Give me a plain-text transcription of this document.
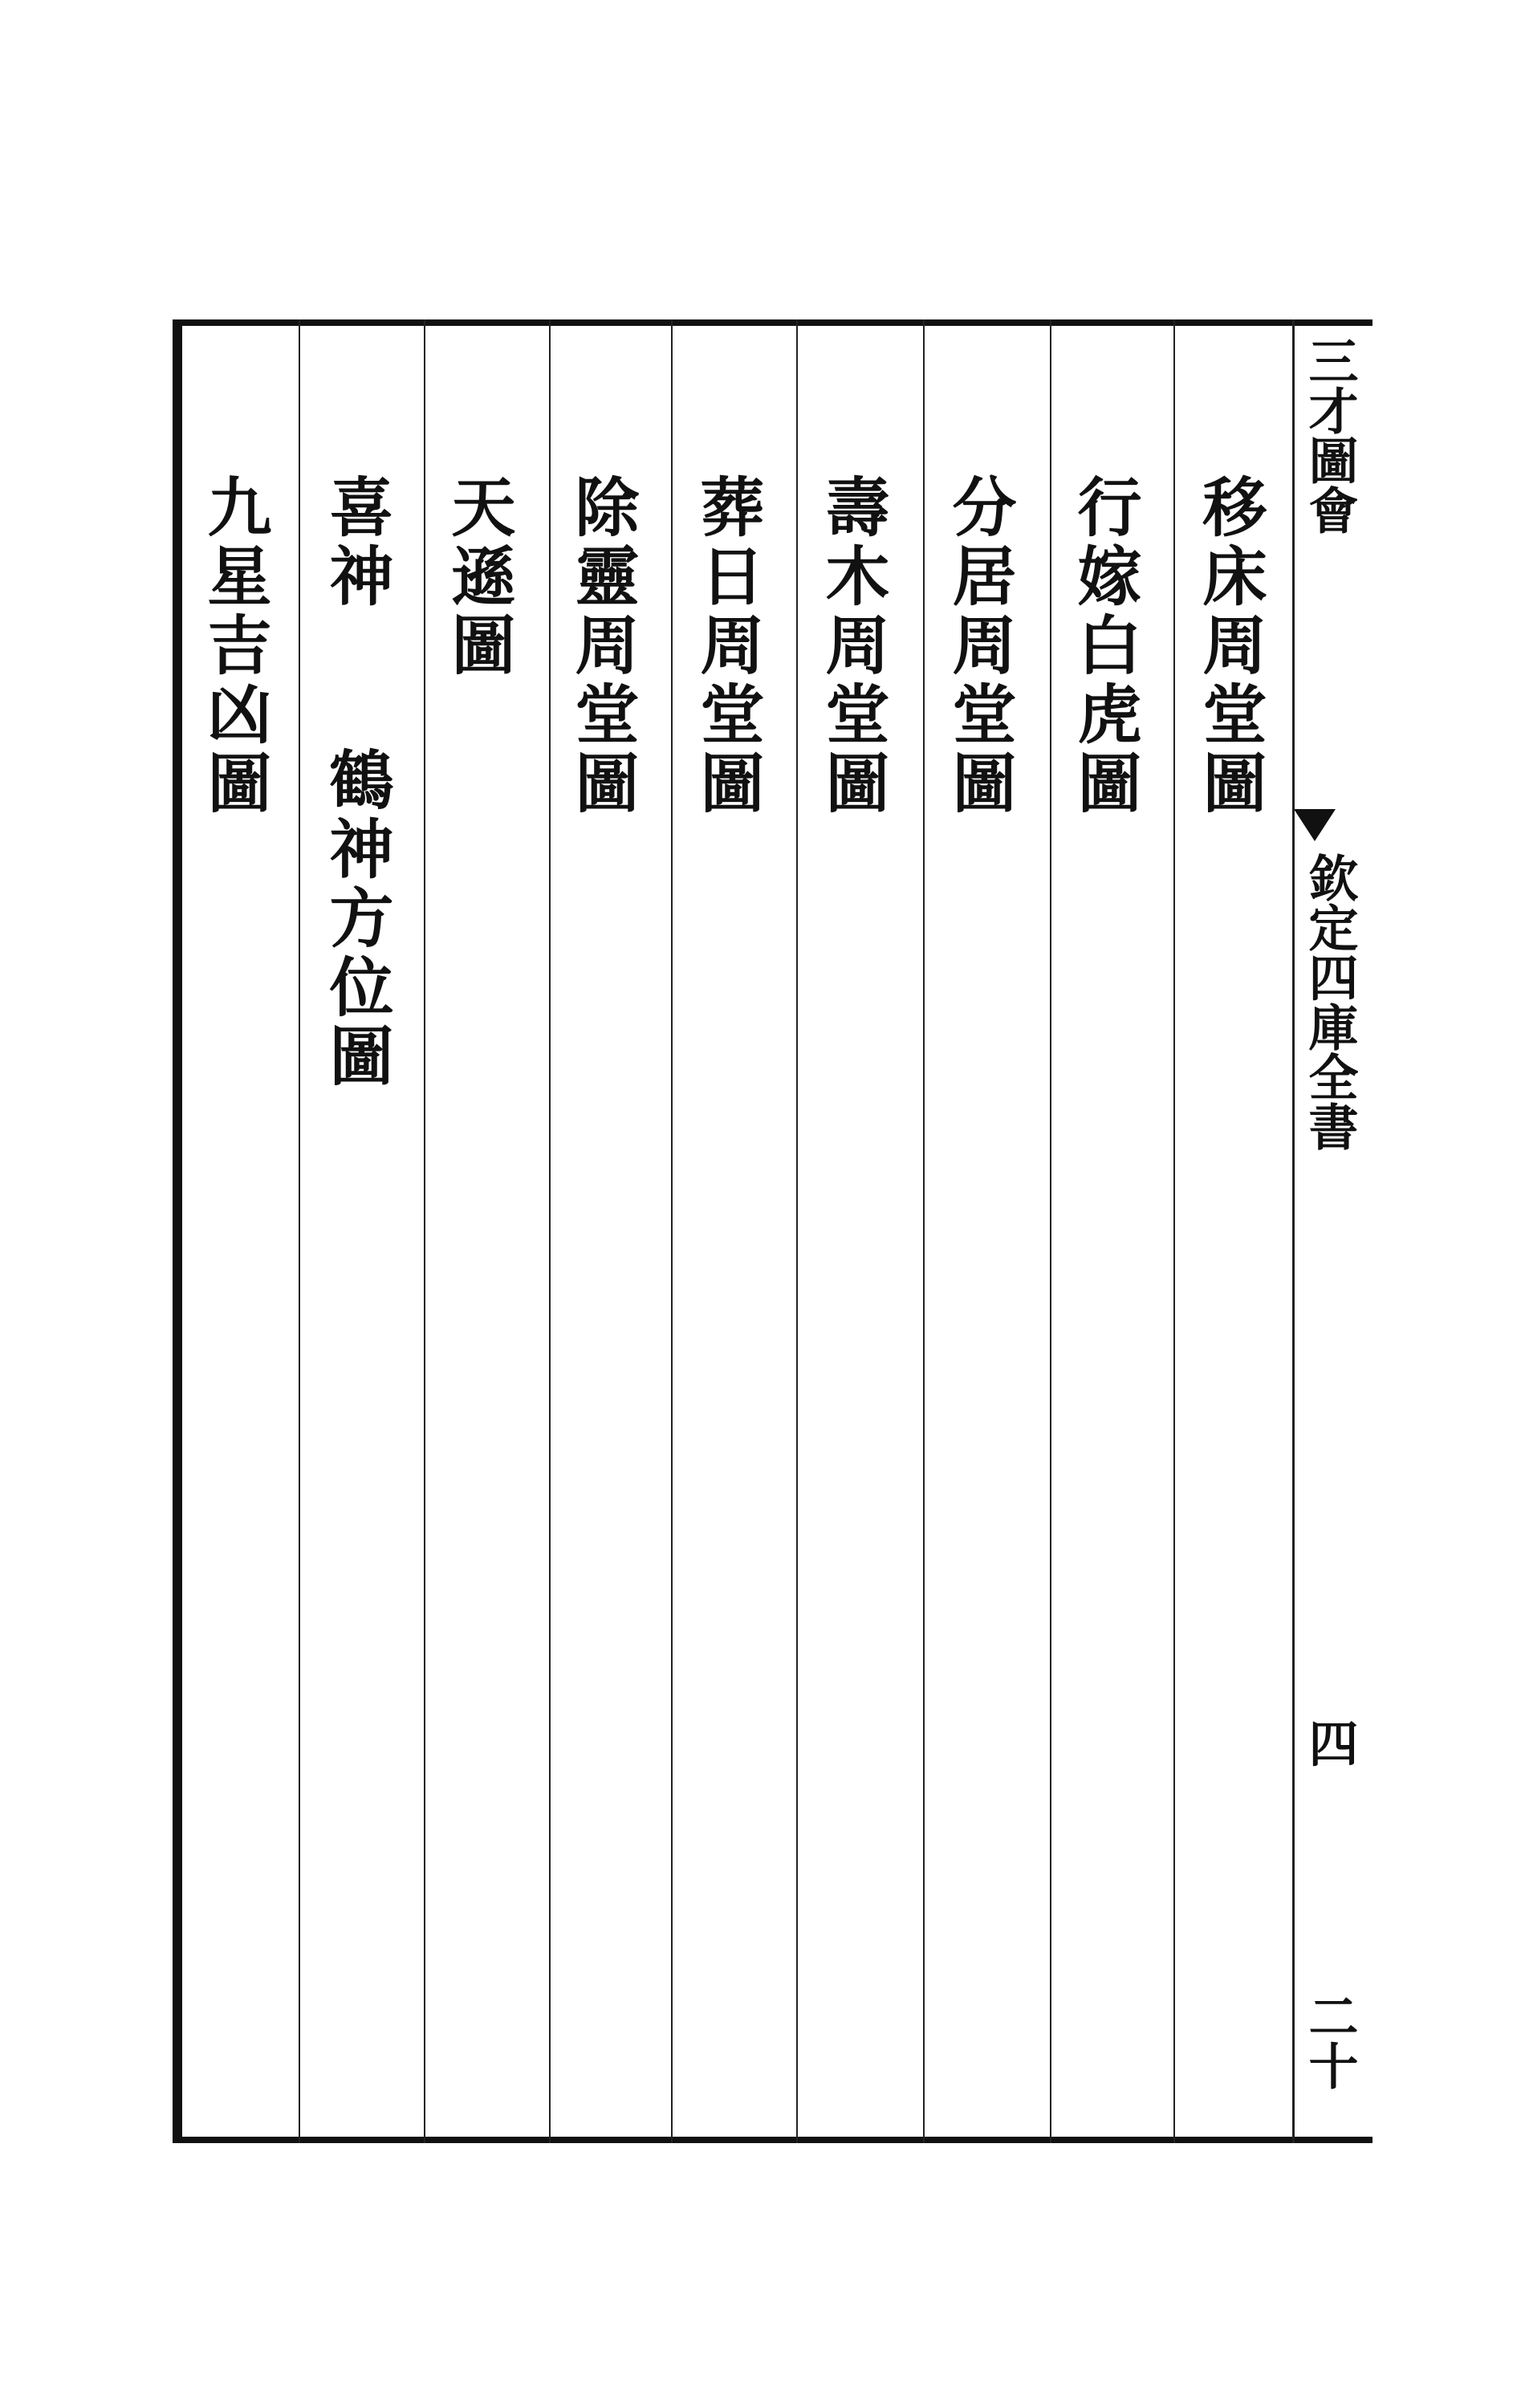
三才圖會
欽定四庫全書
四
二十
移床周堂圖
行嫁白虎圖
分居周堂圖
壽木周堂圖
葬日周堂圖
除靈周堂圖
天遜圖
喜神
鶴神方位圖
九星吉凶圖
